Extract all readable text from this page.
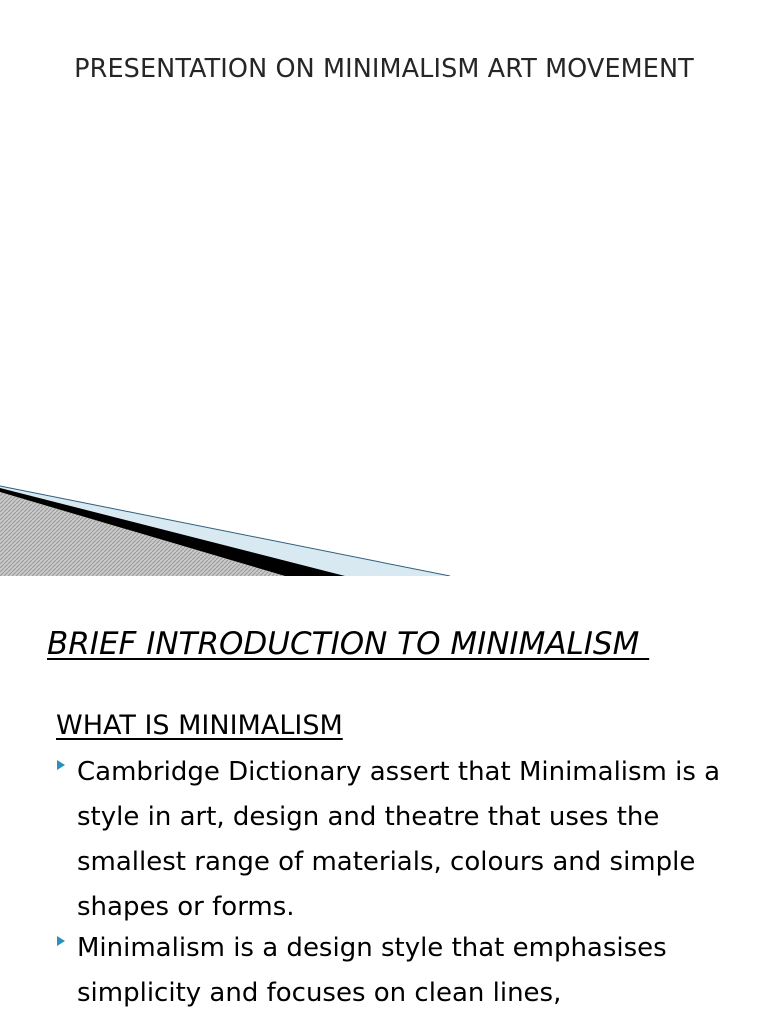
PRESENTATION ON MINIMALISM ART MOVEMENT
BRIEF INTRODUCTION TO MINIMALISM
WHAT IS MINIMALISM
Cambridge Dictionary assert that Minimalism is a style in art, design and theatre that uses the smallest range of materials, colours and simple shapes or forms.
Minimalism is a design style that emphasises simplicity and focuses on clean lines,
